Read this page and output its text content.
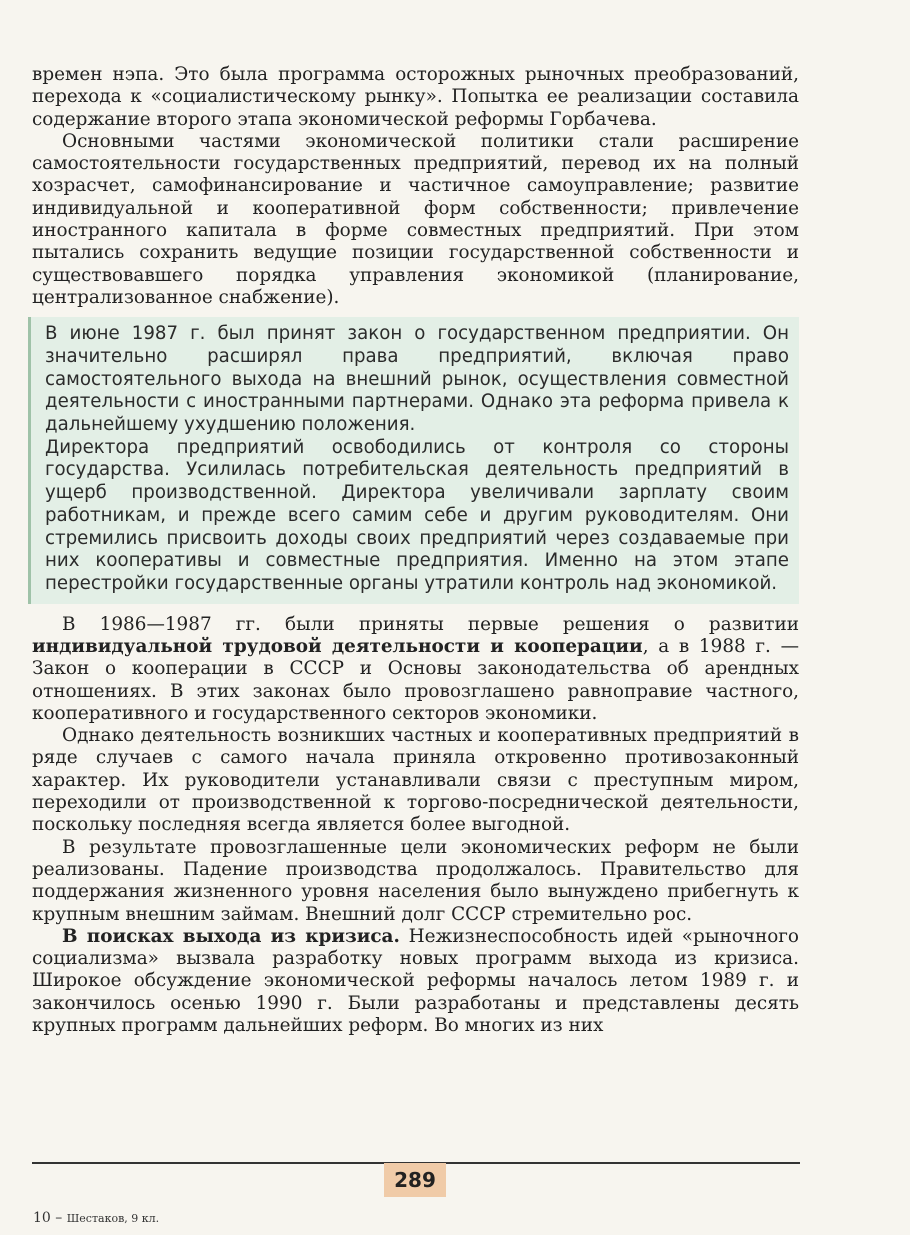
времен нэпа. Это была программа осторожных рыночных преобразований, перехода к «социалистическому рынку». Попытка ее реализации составила содержание второго этапа экономической реформы Горбачева.

Основными частями экономической политики стали расширение самостоятельности государственных предприятий, перевод их на полный хозрасчет, самофинансирование и частичное самоуправление; развитие индивидуальной и кооперативной форм собственности; привлечение иностранного капитала в форме совместных предприятий. При этом пытались сохранить ведущие позиции государственной собственности и существовавшего порядка управления экономикой (планирование, централизованное снабжение).

В июне 1987 г. был принят закон о государственном предприятии. Он значительно расширял права предприятий, включая право самостоятельного выхода на внешний рынок, осуществления совместной деятельности с иностранными партнерами. Однако эта реформа привела к дальнейшему ухудшению положения.

Директора предприятий освободились от контроля со стороны государства. Усилилась потребительская деятельность предприятий в ущерб производственной. Директора увеличивали зарплату своим работникам, и прежде всего самим себе и другим руководителям. Они стремились присвоить доходы своих предприятий через создаваемые при них кооперативы и совместные предприятия. Именно на этом этапе перестройки государственные органы утратили контроль над экономикой.

В 1986—1987 гг. были приняты первые решения о развитии индивидуальной трудовой деятельности и кооперации, а в 1988 г. — Закон о кооперации в СССР и Основы законодательства об арендных отношениях. В этих законах было провозглашено равноправие частного, кооперативного и государственного секторов экономики.

Однако деятельность возникших частных и кооперативных предприятий в ряде случаев с самого начала приняла откровенно противозаконный характер. Их руководители устанавливали связи с преступным миром, переходили от производственной к торгово-посреднической деятельности, поскольку последняя всегда является более выгодной.

В результате провозглашенные цели экономических реформ не были реализованы. Падение производства продолжалось. Правительство для поддержания жизненного уровня населения было вынуждено прибегнуть к крупным внешним займам. Внешний долг СССР стремительно рос.

В поисках выхода из кризиса. Нежизнеспособность идей «рыночного социализма» вызвала разработку новых программ выхода из кризиса. Широкое обсуждение экономической реформы началось летом 1989 г. и закончилось осенью 1990 г. Были разработаны и представлены десять крупных программ дальнейших реформ. Во многих из них

289
10 – Шестаков, 9 кл.
